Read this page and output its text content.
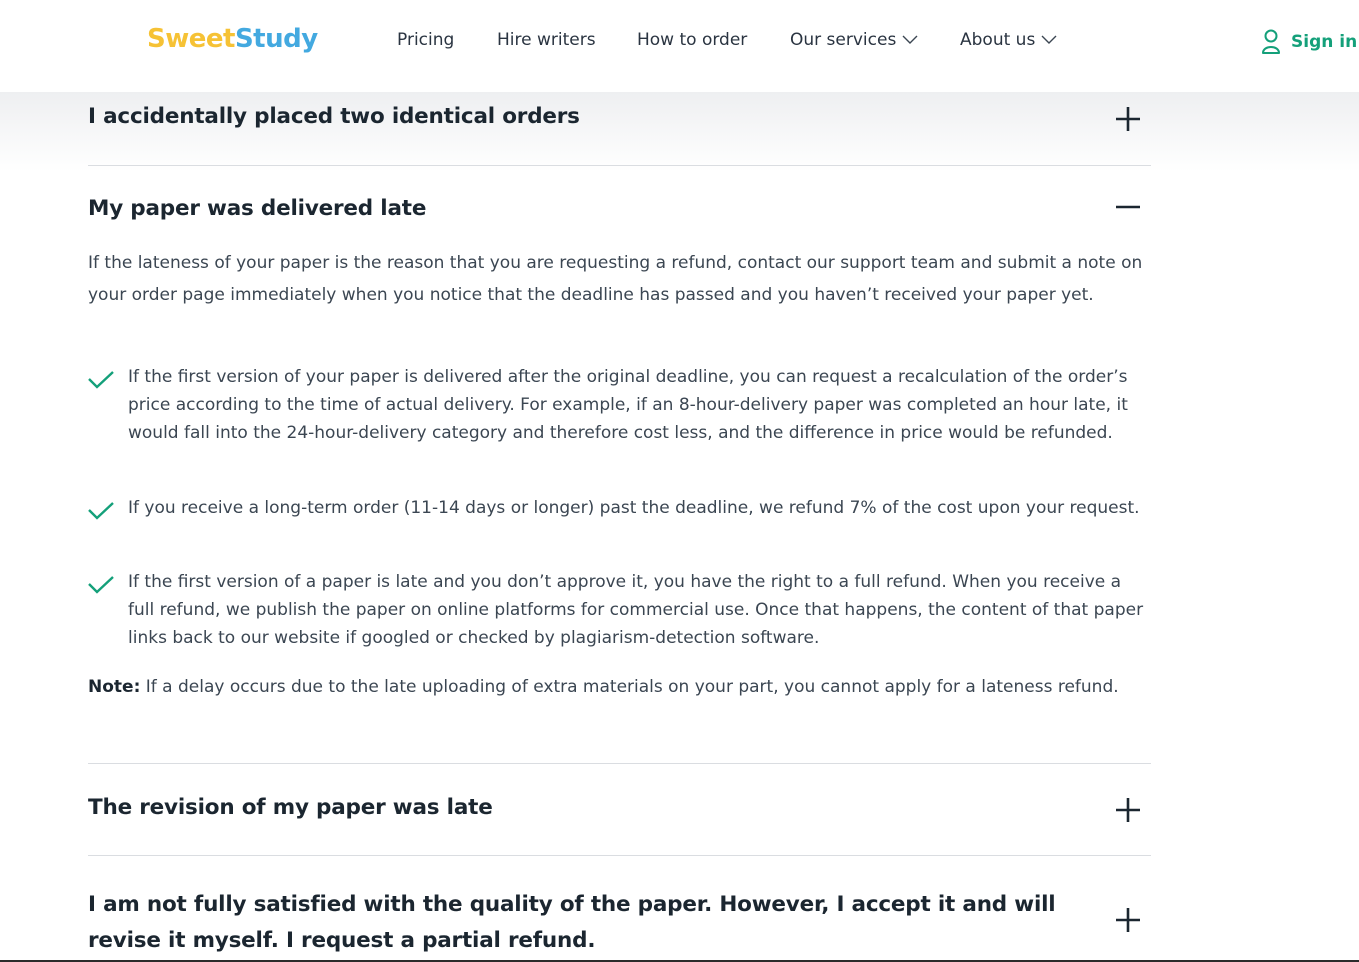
SweetStudy	Pricing	Hire writers How to order	Our services	About us	Sign in
I accidentally placed two identical orders
My paper was delivered late
If the lateness of your paper is the reason that you are requesting a refund, contact our support team and submit a note on your order page immediately when you notice that the deadline has passed and you haven’t received your paper yet.
If the first version of your paper is delivered after the original deadline, you can request a recalculation of the order’s price according to the time of actual delivery. For example, if an 8-hour-delivery paper was completed an hour late, it would fall into the 24-hour-delivery category and therefore cost less, and the difference in price would be refunded.
If you receive a long-term order (11-14 days or longer) past the deadline, we refund 7% of the cost upon your request.
If the first version of a paper is late and you don’t approve it, you have the right to a full refund. When you receive a full refund, we publish the paper on online platforms for commercial use. Once that happens, the content of that paper links back to our website if googled or checked by plagiarism-detection software.
Note: If a delay occurs due to the late uploading of extra materials on your part, you cannot apply for a lateness refund.
The revision of my paper was late
I am not fully satisfied with the quality of the paper. However, I accept it and will revise it myself. I request a partial refund.
